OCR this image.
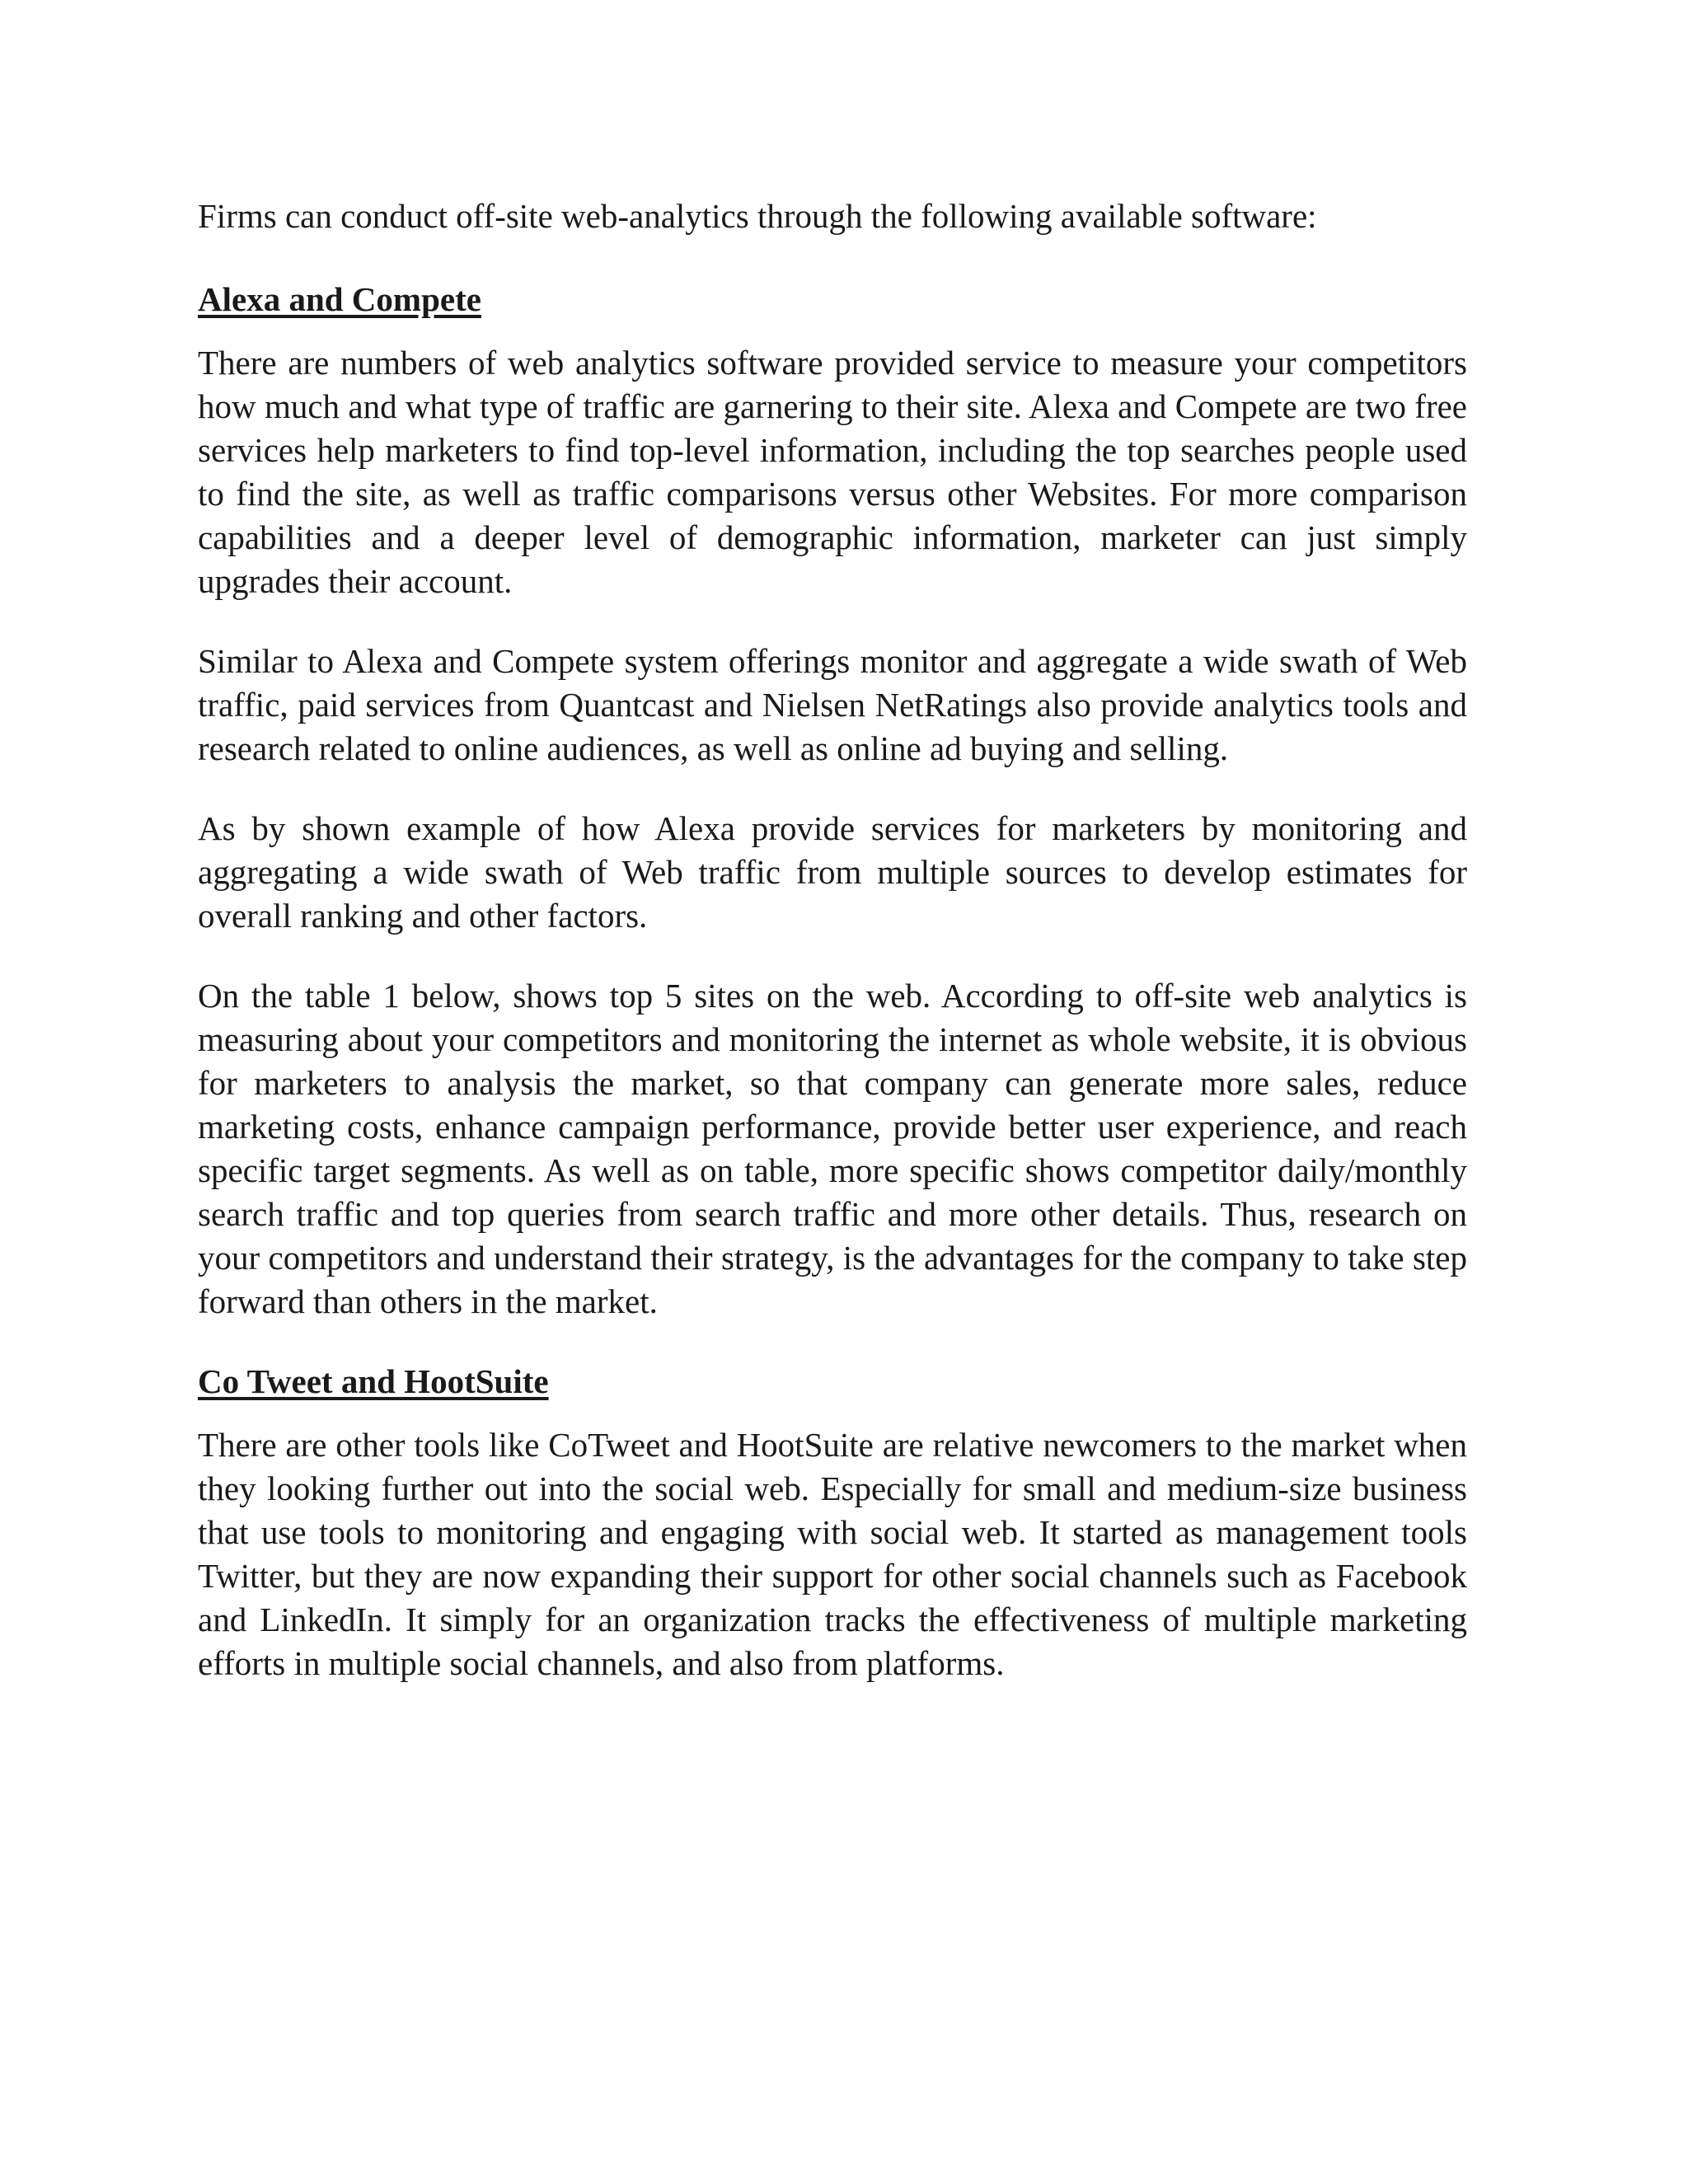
Firms can conduct off-site web-analytics through the following available software:

Alexa and Compete

There are numbers of web analytics software provided service to measure your competitors how much and what type of traffic are garnering to their site. Alexa and Compete are two free services help marketers to find top-level information, including the top searches people used to find the site, as well as traffic comparisons versus other Websites. For more comparison capabilities and a deeper level of demographic information, marketer can just simply upgrades their account.

Similar to Alexa and Compete system offerings monitor and aggregate a wide swath of Web traffic, paid services from Quantcast and Nielsen NetRatings also provide analytics tools and research related to online audiences, as well as online ad buying and selling.

As by shown example of how Alexa provide services for marketers by monitoring and aggregating a wide swath of Web traffic from multiple sources to develop estimates for overall ranking and other factors.

On the table 1 below, shows top 5 sites on the web. According to off-site web analytics is measuring about your competitors and monitoring the internet as whole website, it is obvious for marketers to analysis the market, so that company can generate more sales, reduce marketing costs, enhance campaign performance, provide better user experience, and reach specific target segments. As well as on table, more specific shows competitor daily/monthly search traffic and top queries from search traffic and more other details. Thus, research on your competitors and understand their strategy, is the advantages for the company to take step forward than others in the market.

Co Tweet and HootSuite

There are other tools like CoTweet and HootSuite are relative newcomers to the market when they looking further out into the social web. Especially for small and medium-size business that use tools to monitoring and engaging with social web. It started as management tools Twitter, but they are now expanding their support for other social channels such as Facebook and LinkedIn. It simply for an organization tracks the effectiveness of multiple marketing efforts in multiple social channels, and also from platforms.
